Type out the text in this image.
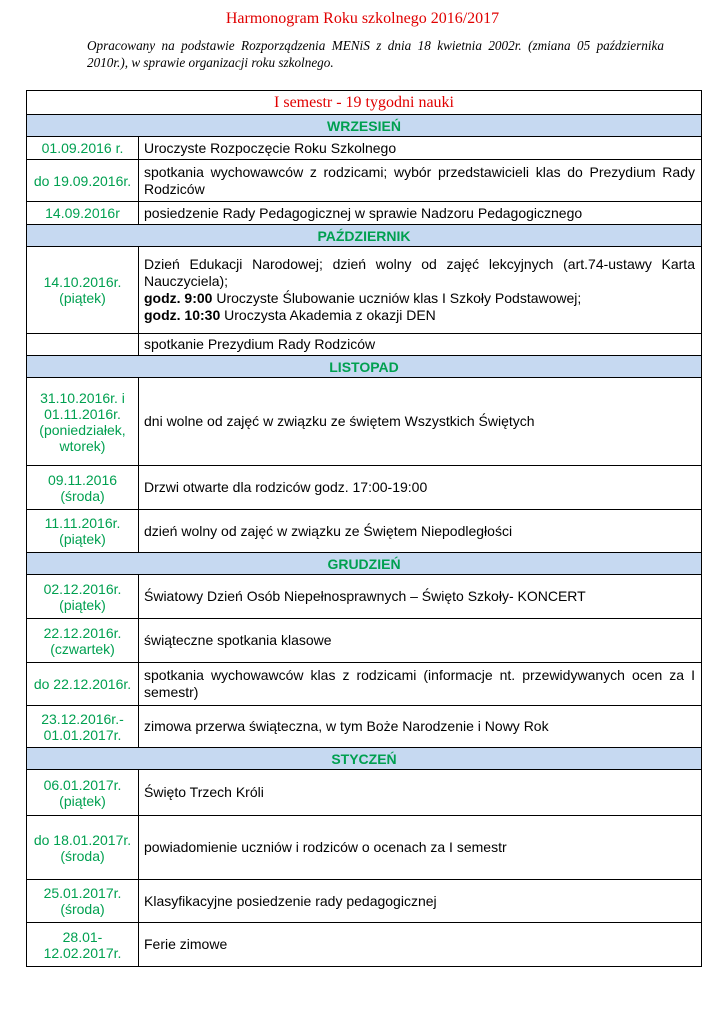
Harmonogram Roku szkolnego 2016/2017
Opracowany na podstawie Rozporządzenia MENiS z dnia 18 kwietnia 2002r. (zmiana 05 października 2010r.), w sprawie organizacji roku szkolnego.
I semestr - 19 tygodni nauki	
WRZESIEŃ	
01.09.2016 r.	Uroczyste Rozpoczęcie Roku Szkolnego
do 19.09.2016r.	spotkania wychowawców z rodzicami; wybór przedstawicieli klas do Prezydium Rady Rodziców
14.09.2016r	posiedzenie Rady Pedagogicznej w sprawie Nadzoru Pedagogicznego
PAŹDZIERNIK	
14.10.2016r. (piątek)	Dzień Edukacji Narodowej; dzień wolny od zajęć lekcyjnych (art.74-ustawy Karta Nauczyciela);
godz. 9:00 Uroczyste Ślubowanie uczniów klas I Szkoły Podstawowej;
godz. 10:30 Uroczysta Akademia z okazji DEN

	spotkanie Prezydium Rady Rodziców
LISTOPAD	
31.10.2016r. i 01.11.2016r. (poniedziałek, wtorek)	dni wolne od zajęć w związku ze świętem Wszystkich Świętych
09.11.2016 (środa)	Drzwi otwarte dla rodziców godz. 17:00-19:00
11.11.2016r. (piątek)	dzień wolny od zajęć w związku ze Świętem Niepodległości
GRUDZIEŃ	
02.12.2016r. (piątek)	Światowy Dzień Osób Niepełnosprawnych – Święto Szkoły- KONCERT
22.12.2016r. (czwartek)	świąteczne spotkania klasowe
do 22.12.2016r.	spotkania wychowawców klas z rodzicami (informacje nt. przewidywanych ocen za I semestr)
23.12.2016r.- 01.01.2017r.	zimowa przerwa świąteczna, w tym Boże Narodzenie i Nowy Rok
STYCZEŃ	
06.01.2017r. (piątek)	Święto Trzech Króli
do 18.01.2017r. (środa)	powiadomienie uczniów i rodziców o ocenach za I semestr
25.01.2017r. (środa)	Klasyfikacyjne posiedzenie rady pedagogicznej
28.01-12.02.2017r.	Ferie zimowe
